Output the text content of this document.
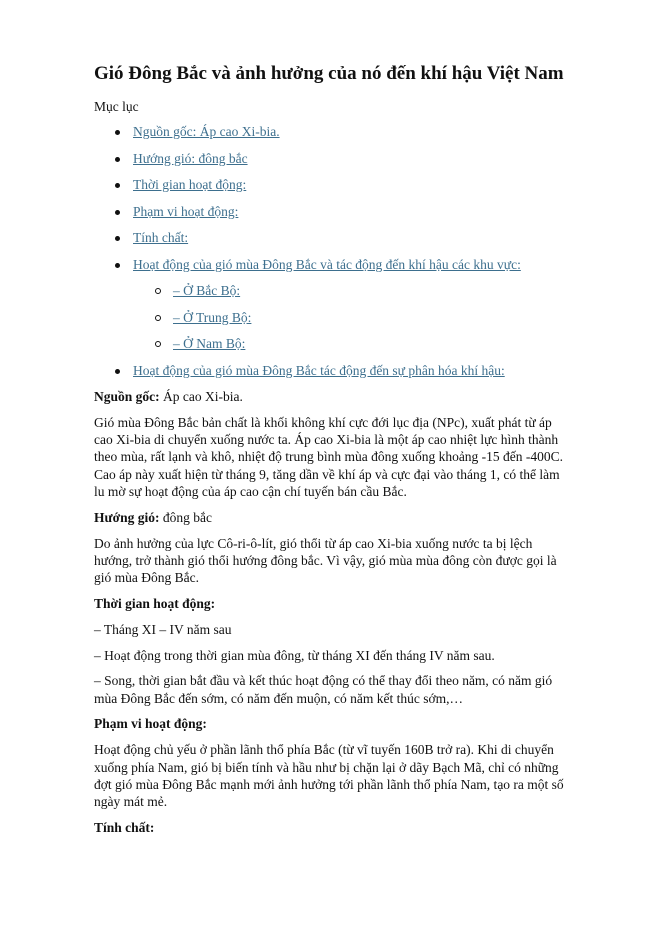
Gió Đông Bắc và ảnh hưởng của nó đến khí hậu Việt Nam
Mục lục
Nguồn gốc: Áp cao Xi-bia.
Hướng gió: đông bắc
Thời gian hoạt động:
Phạm vi hoạt động:
Tính chất:
Hoạt động của gió mùa Đông Bắc và tác động đến khí hậu các khu vực:
– Ở Bắc Bộ:
– Ở Trung Bộ:
– Ở Nam Bộ:
Hoạt động của gió mùa Đông Bắc tác động đến sự phân hóa khí hậu:

Nguồn gốc: Áp cao Xi-bia.

Gió mùa Đông Bắc bản chất là khối không khí cực đới lục địa (NPc), xuất phát từ áp cao Xi-bia di chuyển xuống nước ta. Áp cao Xi-bia là một áp cao nhiệt lực hình thành theo mùa, rất lạnh và khô, nhiệt độ trung bình mùa đông xuống khoảng -15 đến -400C. Cao áp này xuất hiện từ tháng 9, tăng dần về khí áp và cực đại vào tháng 1, có thể làm lu mờ sự hoạt động của áp cao cận chí tuyến bán cầu Bắc.

Hướng gió: đông bắc

Do ảnh hưởng của lực Cô-ri-ô-lít, gió thổi từ áp cao Xi-bia xuống nước ta bị lệch hướng, trở thành gió thổi hướng đông bắc. Vì vậy, gió mùa mùa đông còn được gọi là gió mùa Đông Bắc.

Thời gian hoạt động:

– Tháng XI – IV năm sau

– Hoạt động trong thời gian mùa đông, từ tháng XI đến tháng IV năm sau.

– Song, thời gian bắt đầu và kết thúc hoạt động có thể thay đổi theo năm, có năm gió mùa Đông Bắc đến sớm, có năm đến muộn, có năm kết thúc sớm,…

Phạm vi hoạt động:

Hoạt động chủ yếu ở phần lãnh thổ phía Bắc (từ vĩ tuyến 160B trở ra). Khi di chuyển xuống phía Nam, gió bị biến tính và hầu như bị chặn lại ở dãy Bạch Mã, chỉ có những đợt gió mùa Đông Bắc mạnh mới ảnh hưởng tới phần lãnh thổ phía Nam, tạo ra một số ngày mát mẻ.

Tính chất:
